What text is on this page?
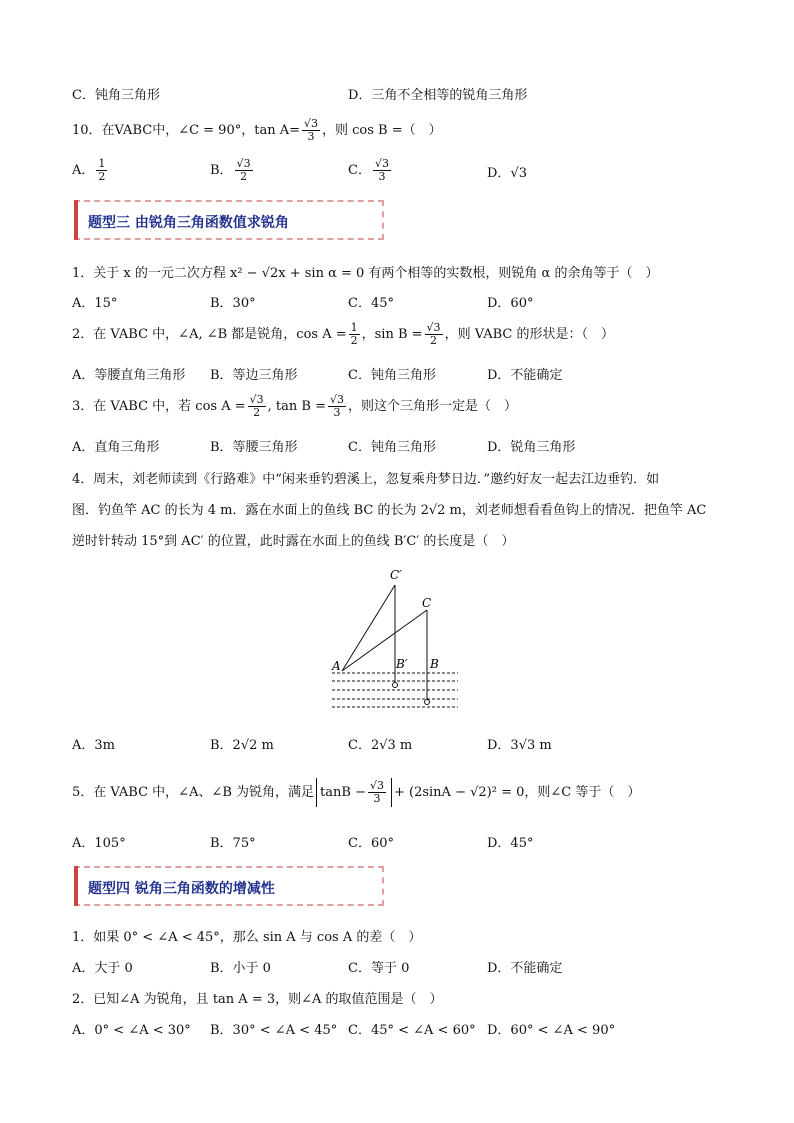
C．钝角三角形	D．三角不全相等的锐角三角形
10．在VABC中，∠C = 90°，$\tan A= \frac{√3}{3}$ ，则 cos B =（　）
A． $\frac{1}{2}$	B． $\frac{√3}{2}$	C． $\frac{√3}{3}$	D．√3
题型三 由锐角三角函数值求锐角
1．关于 x 的一元二次方程 x² − √2x + sin α = 0 有两个相等的实数根，则锐角 α 的余角等于（　）
A．15°	B．30°	C．45°	D．60°
2．在 VABC 中，∠A, ∠B 都是锐角，$\cos A = \frac{1}{2}$ ，$\sin B = \frac{√3}{2}$ ，则 VABC 的形状是：（　）
A．等腰直角三角形 B．等边三角形	C．钝角三角形	D．不能确定
3．在 VABC 中，若 $\cos A = \frac{√3}{2}$ , $\tan B = \frac{√3}{3}$ ，则这个三角形一定是（　）
A．直角三角形	B．等腰三角形	C．钝角三角形	D．锐角三角形
4．周末，刘老师读到《行路难》中“闲来垂钓碧溪上，忽复乘舟梦日边．”邀约好友一起去江边垂钓．如
图．钓鱼竿 AC 的长为 4 m．露在水面上的鱼线 BC 的长为 2√2 m，刘老师想看看鱼钩上的情况．把鱼竿 AC
逆时针转动 15°到 AC′ 的位置，此时露在水面上的鱼线 B′C′ 的长度是（　）
A	B′ B
C
C′
A．3m	B．2√2 m	C．2√3 m	D．3√3 m
5．在 VABC 中，∠A、∠B 为锐角，满足 $\tan B - \frac{√3}{3} + (2\sin A - √2)^2 = 0$，则∠C 等于（　）
A．105°	B．75°	C．60°	D．45°
题型四 锐角三角函数的增减性
1．如果 0° < ∠A < 45°，那么 sin A 与 cos A 的差（　）
A．大于 0	B．小于 0	C．等于 0	D．不能确定
2．已知∠A 为锐角，且 tan A = 3，则∠A 的取值范围是（　）
A．0° < ∠A < 30° B．30° < ∠A < 45° C．45° < ∠A < 60° D．60° < ∠A < 90°
